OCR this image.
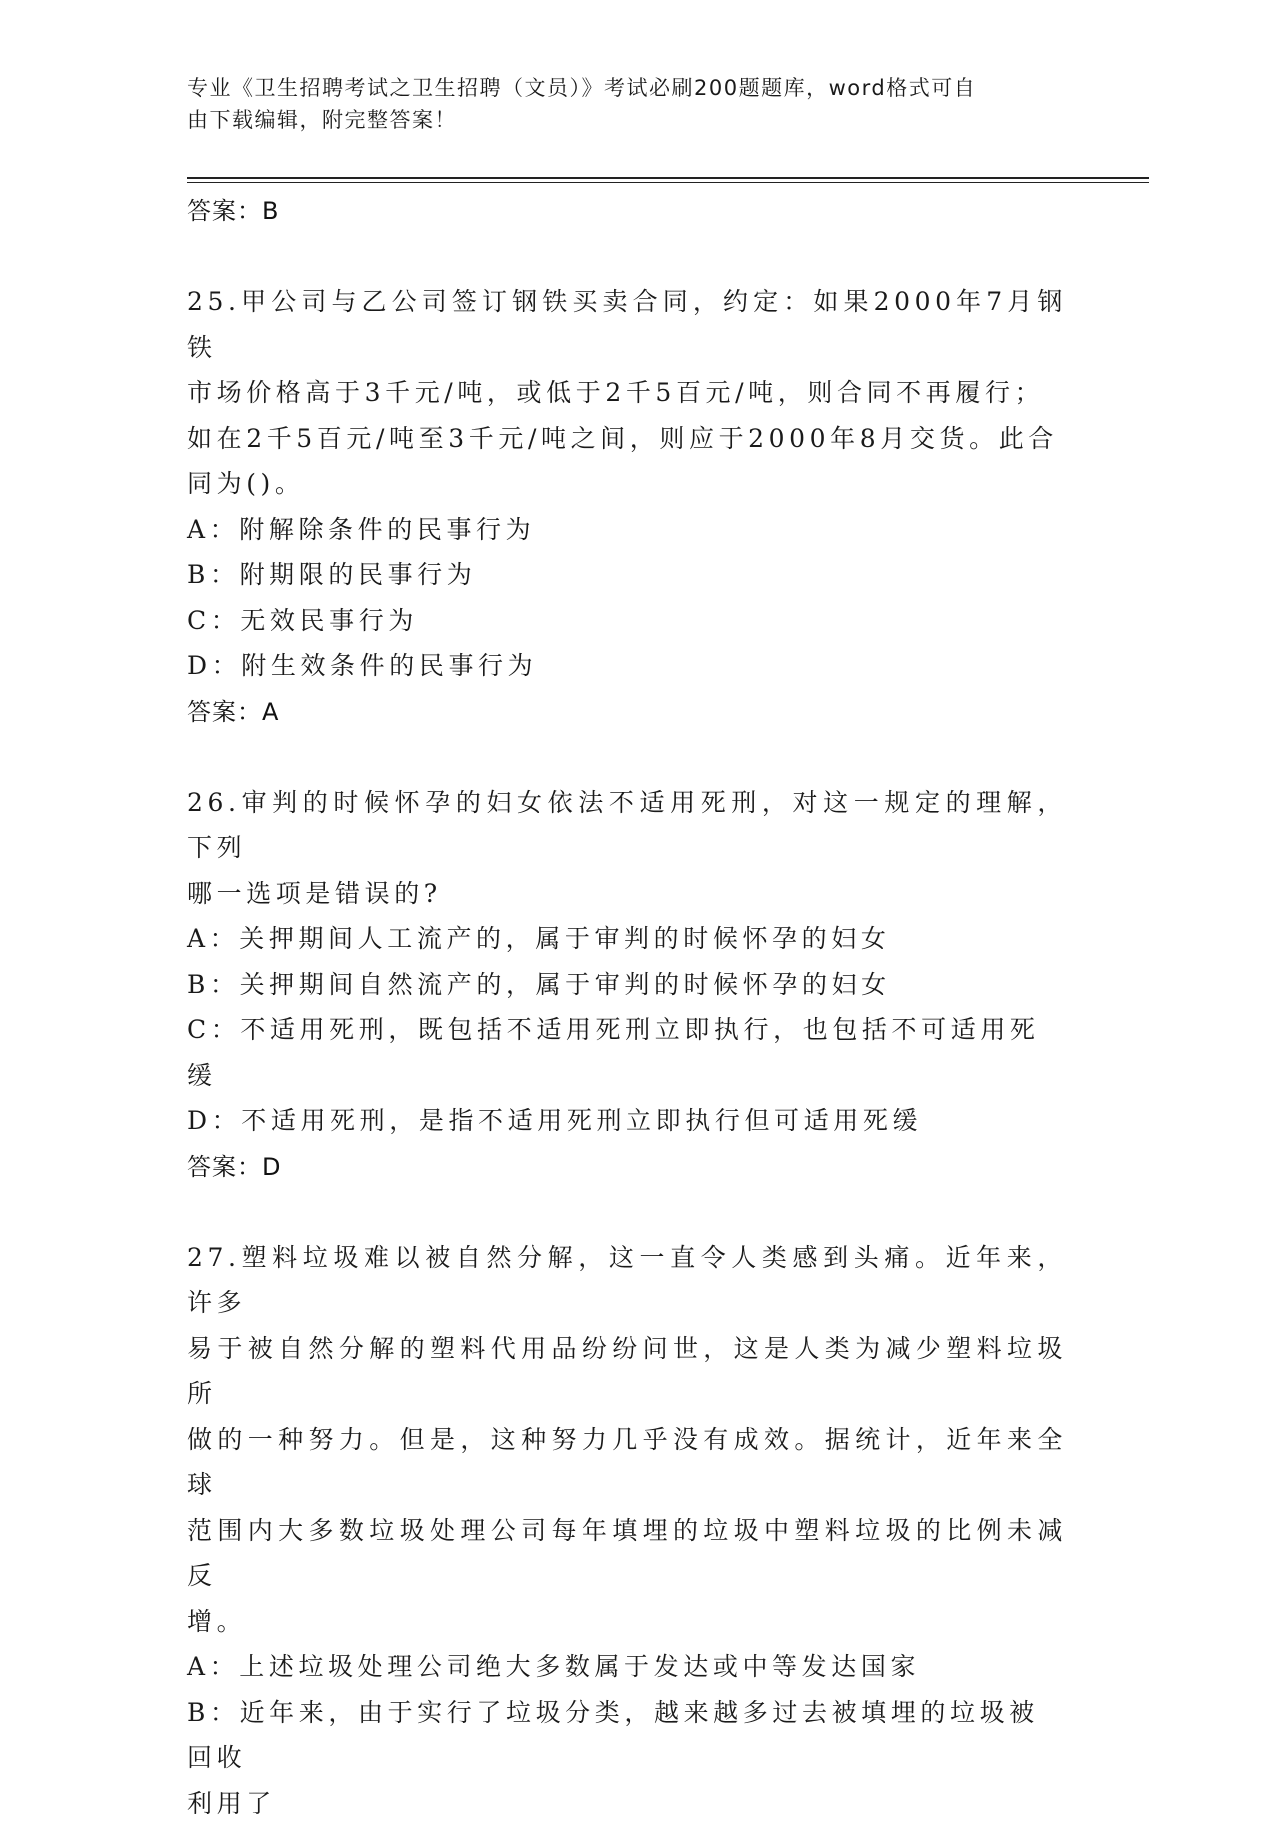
专业《卫生招聘考试之卫生招聘（文员）》考试必刷200题题库，word格式可自
由下载编辑，附完整答案！
答案：B
25.甲公司与乙公司签订钢铁买卖合同，约定：如果2000年7月钢铁
市场价格高于3千元/吨，或低于2千5百元/吨，则合同不再履行；
如在2千5百元/吨至3千元/吨之间，则应于2000年8月交货。此合
同为()。
A：附解除条件的民事行为
B：附期限的民事行为
C：无效民事行为
D：附生效条件的民事行为
答案：A
26.审判的时候怀孕的妇女依法不适用死刑，对这一规定的理解，下列
哪一选项是错误的?
A：关押期间人工流产的，属于审判的时候怀孕的妇女
B：关押期间自然流产的，属于审判的时候怀孕的妇女
C：不适用死刑，既包括不适用死刑立即执行，也包括不可适用死缓
D：不适用死刑，是指不适用死刑立即执行但可适用死缓
答案：D
27.塑料垃圾难以被自然分解，这一直令人类感到头痛。近年来，许多
易于被自然分解的塑料代用品纷纷问世，这是人类为减少塑料垃圾所
做的一种努力。但是，这种努力几乎没有成效。据统计，近年来全球
范围内大多数垃圾处理公司每年填埋的垃圾中塑料垃圾的比例未减反
增。
A：上述垃圾处理公司绝大多数属于发达或中等发达国家
B：近年来，由于实行了垃圾分类，越来越多过去被填埋的垃圾被回收
利用了
